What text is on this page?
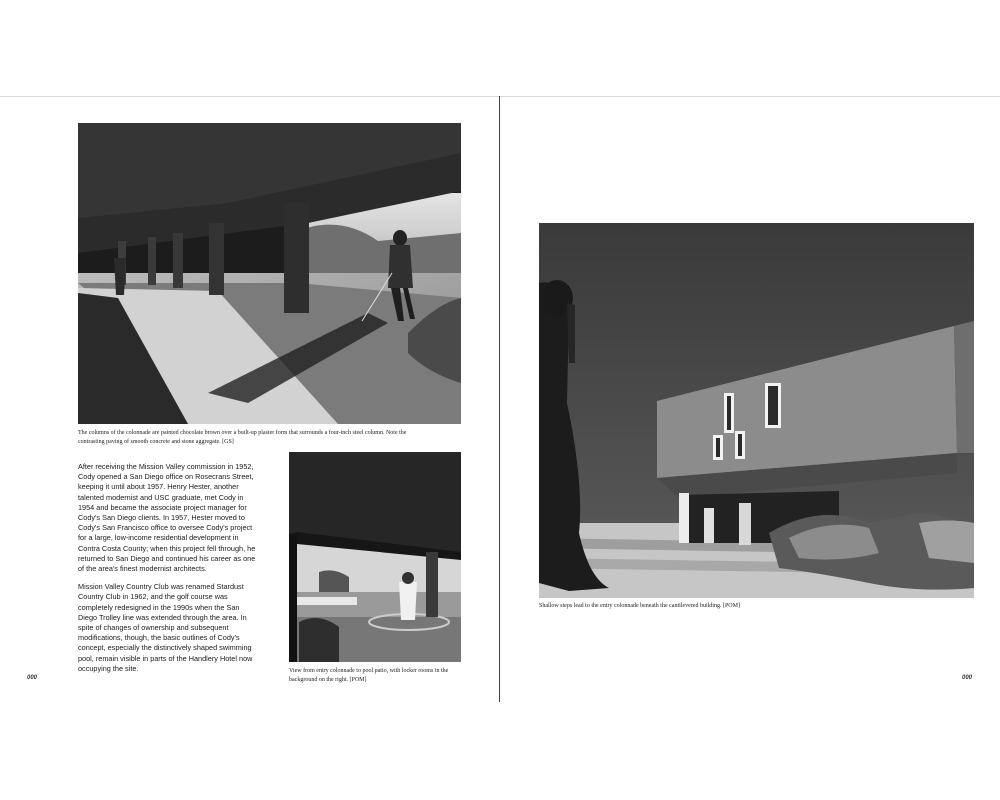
The columns of the colonnade are painted chocolate brown over a built-up plaster form that surrounds a four-inch steel column. Note the contrasting paving of smooth concrete and stone aggregate. [GS]

After receiving the Mission Valley commission in 1952, Cody opened a San Diego office on Rosecrans Street, keeping it until about 1957. Henry Hester, another talented modernist and USC graduate, met Cody in 1954 and became the associate project manager for Cody's San Diego clients. In 1957, Hester moved to Cody's San Francisco office to oversee Cody's project for a large, low-income residential development in Contra Costa County; when this project fell through, he returned to San Diego and continued his career as one of the area's finest modernist architects.

Mission Valley Country Club was renamed Stardust Country Club in 1962, and the golf course was completely redesigned in the 1990s when the San Diego Trolley line was extended through the area. In spite of changes of ownership and subsequent modifications, though, the basic outlines of Cody's concept, especially the distinctively shaped swimming pool, remain visible in parts of the Handlery Hotel now occupying the site.	View from entry colonnade to pool patio, with locker rooms in the background on the right. [POM]
000
Shallow steps lead to the entry colonnade beneath the cantilevered building. [POM]
000
